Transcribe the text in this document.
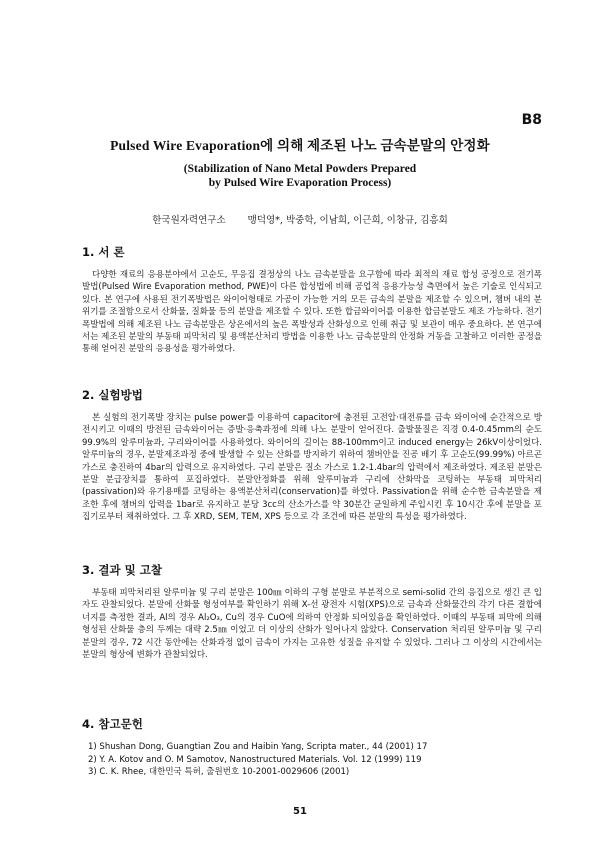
B8

Pulsed Wire Evaporation에 의해 제조된 나노 금속분말의 안정화
(Stabilization of Nano Metal Powders Prepared
by Pulsed Wire Evaporation Process)

한국원자력연구소 맹덕영*, 박중학, 이남희, 이근희, 이창규, 김흥회

1. 서 론

다양한 재료의 응용분야에서 고순도, 무응집 결정상의 나노 금속분말을 요구함에 따라 최적의 재료 합성 공정으로 전기폭발법(Pulsed Wire Evaporation method, PWE)이 다른 합성법에 비해 공업적 응용가능성 측면에서 높은 기술로 인식되고 있다. 본 연구에 사용된 전기폭발법은 와이어형태로 가공이 가능한 거의 모든 금속의 분말을 제조할 수 있으며, 챔버 내의 분위기를 조절함으로서 산화물, 질화물 등의 분말을 제조할 수 있다. 또한 합금와이어를 이용한 합금분말도 제조 가능하다. 전기폭발법에 의해 제조된 나노 금속분말은 상온에서의 높은 폭발성과 산화성으로 인해 취급 및 보관이 매우 중요하다. 본 연구에서는 제조된 분말의 부동태 피막처리 및 용액분산처리 방법을 이용한 나노 금속분말의 안정화 거동을 고찰하고 이러한 공정을 통해 얻어진 분말의 응용성을 평가하였다.

2. 실험방법

본 실험의 전기폭발 장치는 pulse power를 이용하여 capacitor에 충전된 고전압·대전류를 금속 와이어에 순간적으로 방전시키고 이때의 방전된 금속와이어는 증발·응축과정에 의해 나노 분말이 얻어진다. 출발물질은 직경 0.4-0.45mm의 순도 99.9%의 알루미늄과, 구리와이어를 사용하였다. 와이어의 길이는 88-100mm이고 induced energy는 26kV이상이었다. 알루미늄의 경우, 분말제조과정 중에 발생할 수 있는 산화를 방지하기 위하여 챔버안을 진공 배기 후 고순도(99.99%) 아르곤 가스로 충진하여 4bar의 압력으로 유지하였다. 구리 분말은 질소 가스로 1.2-1.4bar의 압력에서 제조하였다. 제조된 분말은 분말 분급장치를 통하여 포집하였다. 분말안정화를 위해 알루미늄과 구리에 산화막을 코팅하는 부동태 피막처리(passivation)와 유기용매를 코팅하는 용액분산처리(conservation)를 하였다. Passivation을 위해 순수한 금속분말을 제조한 후에 챔버의 압력을 1bar로 유지하고 분당 3cc의 산소가스를 약 30분간 균일하게 주입시킨 후 10시간 후에 분말을 포집기로부터 채취하였다. 그 후 XRD, SEM, TEM, XPS 등으로 각 조건에 따른 분말의 특성을 평가하였다.

3. 결과 및 고찰

부동태 피막처리된 알루미늄 및 구리 분말은 100㎚ 이하의 구형 분말로 부분적으로 semi-solid 간의 응집으로 생긴 큰 입자도 관찰되었다. 분말에 산화물 형성여부를 확인하기 위해 X-선 광전자 시험(XPS)으로 금속과 산화물간의 각기 다른 결합에너지를 측정한 결과, Al의 경우 Al₂O₃, Cu의 경우 CuO에 의하여 안정화 되어있음을 확인하였다. 이때의 부동태 피막에 의해 형성된 산화물 층의 두께는 대략 2.5㎚ 이었고 더 이상의 산화가 일어나지 않았다. Conservation 처리된 알루미늄 및 구리 분말의 경우, 72 시간 동안에는 산화과정 없이 금속이 가지는 고유한 성질을 유지할 수 있었다. 그러나 그 이상의 시간에서는 분말의 형상에 변화가 관찰되었다.

4. 참고문헌
1) Shushan Dong, Guangtian Zou and Haibin Yang, Scripta mater., 44 (2001) 17
2) Y. A. Kotov and O. M Samotov, Nanostructured Materials. Vol. 12 (1999) 119
3) C. K. Rhee, 대한민국 특허, 출원번호 10-2001-0029606 (2001)

51
